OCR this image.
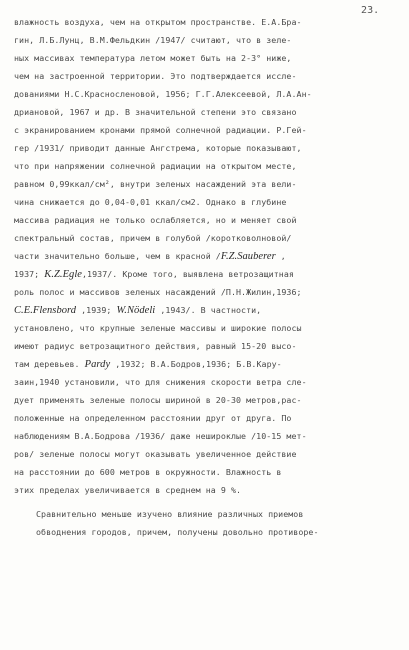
23.
влажность воздуха, чем на открытом пространстве. Е.А.Бра-
гин, Л.Б.Лунц, В.М.Фельдкин /1947/ считают, что в зеле-
ных массивах температура летом может быть на 2-3° ниже,
чем на застроенной территории. Это подтверждается иссле-
дованиями Н.С.Красносленовой, 1956; Г.Г.Алексеевой, Л.А.Ан-
дриановой, 1967 и др. В значительной степени это связано
с экранированием кронами прямой солнечной радиации. Р.Гей-
гер /1931/ приводит данные Ангстрема, которые показывают,
что при напряжении солнечной радиации на открытом месте,
равном 0,99ккал/см², внутри зеленых насаждений эта вели-
чина снижается до 0,04-0,01 ккал/см2. Однако в глубине
массива радиация не только ослабляется, но и меняет свой
спектральный состав, причем в голубой /коротковолновой/
части значительно больше, чем в красной /F.Z.Sauberer ,
1937; K.Z.Egle,1937/. Кроме того, выявлена ветрозащитная
роль полос и массивов зеленых насаждений /П.Н.Жилин,1936;
C.E.Flensbord ,1939; W.Nödeli ,1943/. В частности,
установлено, что крупные зеленые массивы и широкие полосы
имеют радиус ветрозащитного действия, равный 15-20 высо-
там деревьев. Pardy ,1932; В.А.Бодров,1936; Б.В.Кару-
заин,1940 установили, что для снижения скорости ветра сле-
дует применять зеленые полосы шириной в 20-30 метров,рас-
положенные на определенном расстоянии друг от друга. По
наблюдениям В.А.Бодрова /1936/ даже нешироклые /10-15 мет-
ров/ зеленые полосы могут оказывать увеличенное действие
на расстоянии до 600 метров в окружности. Влажность в
этих пределах увеличивается в среднем на 9 %.
Сравнительно меньше изучено влияние различных приемов
обводнения городов, причем, получены довольно противоре-
